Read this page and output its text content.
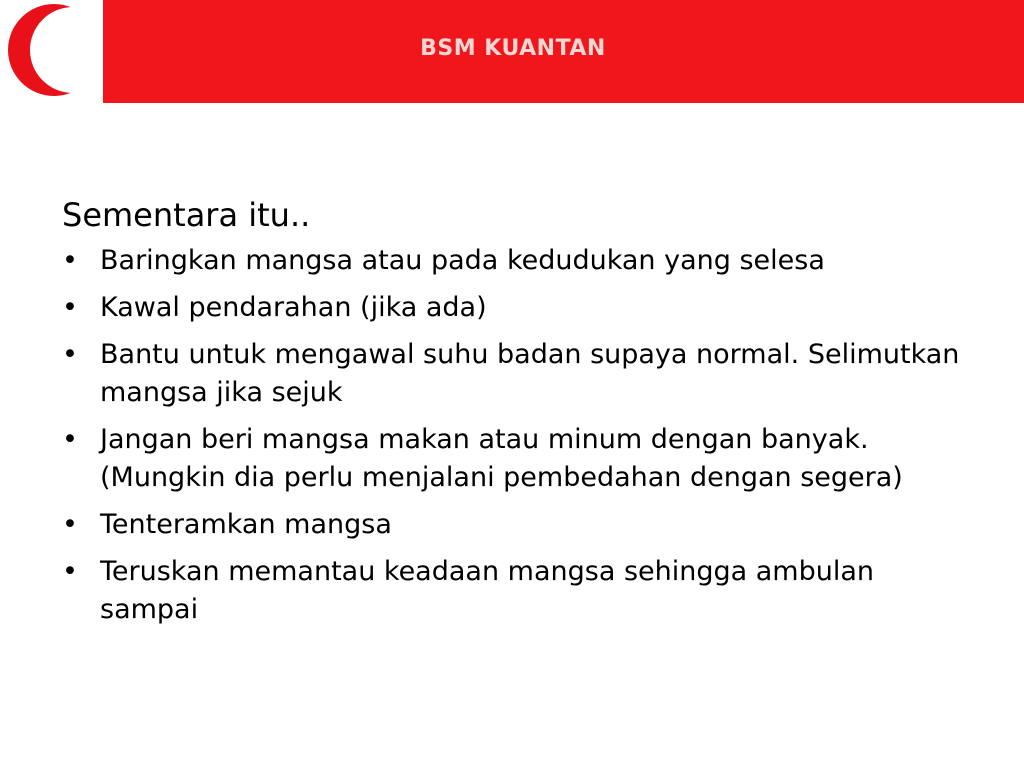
BSM KUANTAN

Sementara itu..

• Baringkan mangsa atau pada kedudukan yang selesa
• Kawal pendarahan (jika ada)
• Bantu untuk mengawal suhu badan supaya normal. Selimutkan mangsa jika sejuk
• Jangan beri mangsa makan atau minum dengan banyak. (Mungkin dia perlu menjalani pembedahan dengan segera)
• Tenteramkan mangsa
• Teruskan memantau keadaan mangsa sehingga ambulan sampai
